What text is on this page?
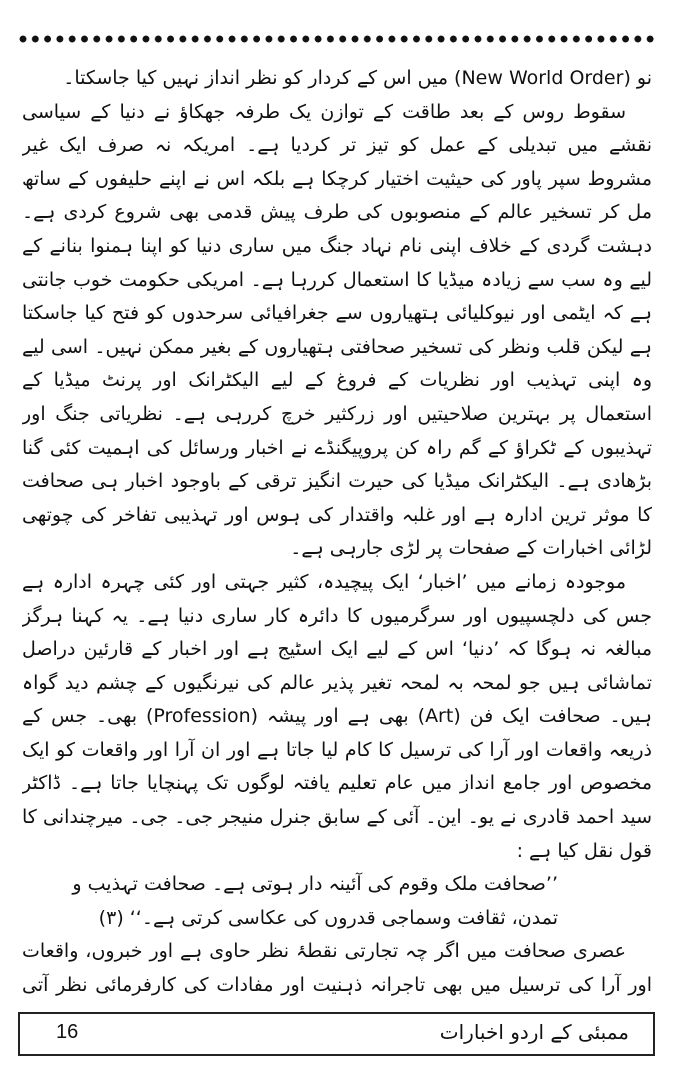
نو (New World Order) میں اس کے کردار کو نظر انداز نہیں کیا جاسکتا۔

سقوط روس کے بعد طاقت کے توازن یک طرفہ جھکاؤ نے دنیا کے سیاسی نقشے میں تبدیلی کے عمل کو تیز تر کردیا ہے۔ امریکہ نہ صرف ایک غیر مشروط سپر پاور کی حیثیت اختیار کرچکا ہے بلکہ اس نے اپنے حلیفوں کے ساتھ مل کر تسخیر عالم کے منصوبوں کی طرف پیش قدمی بھی شروع کردی ہے۔ دہشت گردی کے خلاف اپنی نام نہاد جنگ میں ساری دنیا کو اپنا ہمنوا بنانے کے لیے وہ سب سے زیادہ میڈیا کا استعمال کررہا ہے۔ امریکی حکومت خوب جانتی ہے کہ ایٹمی اور نیوکلیائی ہتھیاروں سے جغرافیائی سرحدوں کو فتح کیا جاسکتا ہے لیکن قلب ونظر کی تسخیر صحافتی ہتھیاروں کے بغیر ممکن نہیں۔ اسی لیے وہ اپنی تہذیب اور نظریات کے فروغ کے لیے الیکٹرانک اور پرنٹ میڈیا کے استعمال پر بہترین صلاحیتیں اور زرکثیر خرچ کررہی ہے۔ نظریاتی جنگ اور تہذیبوں کے ٹکراؤ کے گم راہ کن پروپیگنڈے نے اخبار ورسائل کی اہمیت کئی گنا بڑھادی ہے۔ الیکٹرانک میڈیا کی حیرت انگیز ترقی کے باوجود اخبار ہی صحافت کا موثر ترین ادارہ ہے اور غلبہ واقتدار کی ہوس اور تہذیبی تفاخر کی چوتھی لڑائی اخبارات کے صفحات پر لڑی جارہی ہے۔

موجودہ زمانے میں ’اخبار‘ ایک پیچیدہ، کثیر جہتی اور کئی چہرہ ادارہ ہے جس کی دلچسپیوں اور سرگرمیوں کا دائرہ کار ساری دنیا ہے۔ یہ کہنا ہرگز مبالغہ نہ ہوگا کہ ’دنیا‘ اس کے لیے ایک اسٹیج ہے اور اخبار کے قارئین دراصل تماشائی ہیں جو لمحہ بہ لمحہ تغیر پذیر عالم کی نیرنگیوں کے چشم دید گواہ ہیں۔ صحافت ایک فن (Art) بھی ہے اور پیشہ (Profession) بھی۔ جس کے ذریعہ واقعات اور آرا کی ترسیل کا کام لیا جاتا ہے اور ان آرا اور واقعات کو ایک مخصوص اور جامع انداز میں عام تعلیم یافتہ لوگوں تک پہنچایا جاتا ہے۔ ڈاکٹر سید احمد قادری نے یو۔ این۔ آئی کے سابق جنرل منیجر جی۔ جی۔ میرچندانی کا قول نقل کیا ہے :

’’صحافت ملک وقوم کی آئینہ دار ہوتی ہے۔ صحافت تہذیب و

تمدن، ثقافت وسماجی قدروں کی عکاسی کرتی ہے۔‘‘ (۳)

عصری صحافت میں اگر چہ تجارتی نقطۂ نظر حاوی ہے اور خبروں، واقعات اور آرا کی ترسیل میں بھی تاجرانہ ذہنیت اور مفادات کی کارفرمائی نظر آتی

16	ممبئی کے اردو اخبارات
